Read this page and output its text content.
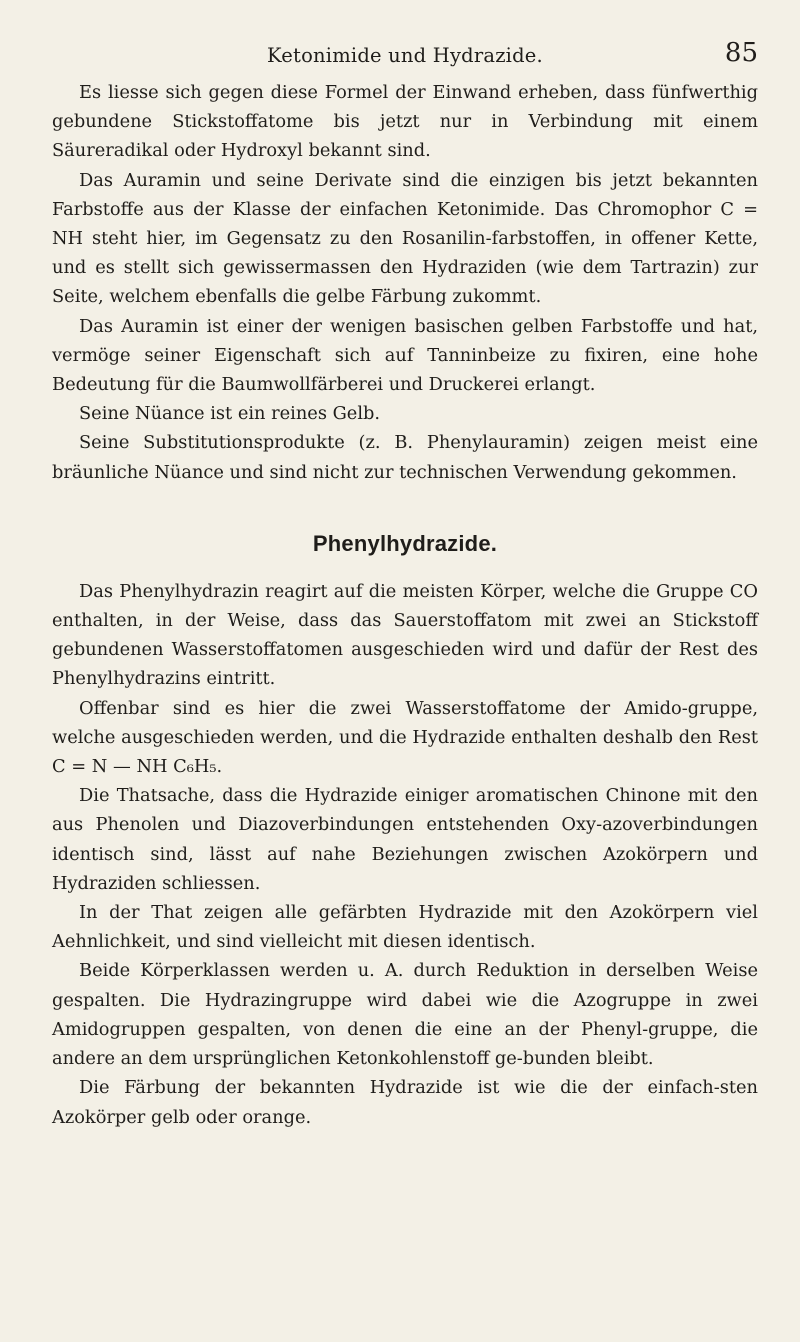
Ketonimide und Hydrazide.	85

Es liesse sich gegen diese Formel der Einwand erheben, dass fünfwerthig gebundene Stickstoffatome bis jetzt nur in Verbindung mit einem Säureradikal oder Hydroxyl bekannt sind.

Das Auramin und seine Derivate sind die einzigen bis jetzt bekannten Farbstoffe aus der Klasse der einfachen Ketonimide. Das Chromophor C = NH steht hier, im Gegensatz zu den Rosanilin-farbstoffen, in offener Kette, und es stellt sich gewissermassen den Hydraziden (wie dem Tartrazin) zur Seite, welchem ebenfalls die gelbe Färbung zukommt.

Das Auramin ist einer der wenigen basischen gelben Farbstoffe und hat, vermöge seiner Eigenschaft sich auf Tanninbeize zu fixiren, eine hohe Bedeutung für die Baumwollfärberei und Druckerei erlangt.

Seine Nüance ist ein reines Gelb.

Seine Substitutionsprodukte (z. B. Phenylauramin) zeigen meist eine bräunliche Nüance und sind nicht zur technischen Verwendung gekommen.

Phenylhydrazide.

Das Phenylhydrazin reagirt auf die meisten Körper, welche die Gruppe CO enthalten, in der Weise, dass das Sauerstoffatom mit zwei an Stickstoff gebundenen Wasserstoffatomen ausgeschieden wird und dafür der Rest des Phenylhydrazins eintritt.

Offenbar sind es hier die zwei Wasserstoffatome der Amido-gruppe, welche ausgeschieden werden, und die Hydrazide enthalten deshalb den Rest C = N — NH C₆H₅.

Die Thatsache, dass die Hydrazide einiger aromatischen Chinone mit den aus Phenolen und Diazoverbindungen entstehenden Oxy-azoverbindungen identisch sind, lässt auf nahe Beziehungen zwischen Azokörpern und Hydraziden schliessen.

In der That zeigen alle gefärbten Hydrazide mit den Azokörpern viel Aehnlichkeit, und sind vielleicht mit diesen identisch.

Beide Körperklassen werden u. A. durch Reduktion in derselben Weise gespalten. Die Hydrazingruppe wird dabei wie die Azogruppe in zwei Amidogruppen gespalten, von denen die eine an der Phenyl-gruppe, die andere an dem ursprünglichen Ketonkohlenstoff ge-bunden bleibt.

Die Färbung der bekannten Hydrazide ist wie die der einfach-sten Azokörper gelb oder orange.
